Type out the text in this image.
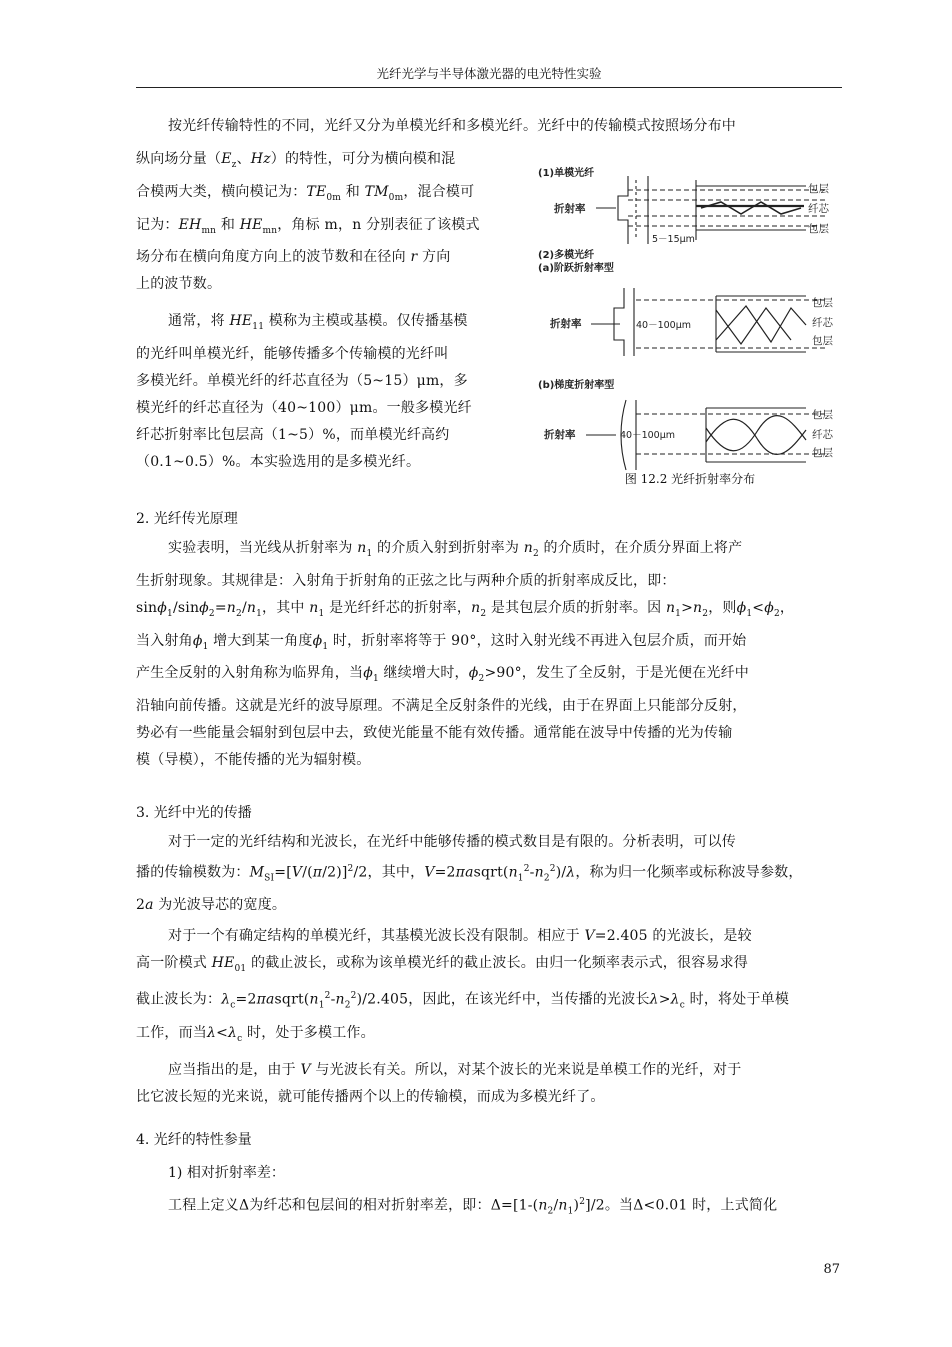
光纤光学与半导体激光器的电光特性实验
按光纤传输特性的不同，光纤又分为单模光纤和多模光纤。光纤中的传输模式按照场分布中
纵向场分量（$E_z$、Hz）的特性，可分为横向模和混
合模两大类，横向模记为：$TE_{0m}$ 和 $TM_{0m}$，混合模可
记为：$EH_{mn}$ 和 $HE_{mn}$，角标 m，n 分别表征了该模式
场分布在横向角度方向上的波节数和在径向 r 方向
上的波节数。
通常，将 $HE_{11}$ 模称为主模或基模。仅传播基模
的光纤叫单模光纤，能够传播多个传输模的光纤叫
多模光纤。单模光纤的纤芯直径为（5~15）μm，多
模光纤的纤芯直径为（40~100）μm。一般多模光纤
纤芯折射率比包层高（1~5）%，而单模光纤高约
（0.1~0.5）%。本实验选用的是多模光纤。
(1)单模光纤
折射率
包层
纤芯
包层
5－15μm
(2)多模光纤
(a)阶跃折射率型
折射率
包层
纤芯
包层
40－100μm
(b)梯度折射率型
折射率
包层
纤芯
包层
40－100μm
图 12.2 光纤折射率分布
2. 光纤传光原理
实验表明，当光线从折射率为 $n_1$ 的介质入射到折射率为 $n_2$ 的介质时，在介质分界面上将产
生折射现象。其规律是：入射角于折射角的正弦之比与两种介质的折射率成反比，即：
$\sin\phi_1/\sin\phi_2=n_2/n_1$，其中 $n_1$ 是光纤纤芯的折射率，$n_2$ 是其包层介质的折射率。因 $n_1>n_2$，则$\phi_1<\phi_2$，
当入射角$\phi_1$ 增大到某一角度$\phi_1$ 时，折射率将等于 90°，这时入射光线不再进入包层介质，而开始
产生全反射的入射角称为临界角，当$\phi_1$ 继续增大时，$\phi_2>90^\circ$，发生了全反射，于是光便在光纤中
沿轴向前传播。这就是光纤的波导原理。不满足全反射条件的光线，由于在界面上只能部分反射，
势必有一些能量会辐射到包层中去，致使光能量不能有效传播。通常能在波导中传播的光为传输
模（导模），不能传播的光为辐射模。
3. 光纤中光的传播
对于一定的光纤结构和光波长，在光纤中能够传播的模式数目是有限的。分析表明，可以传
播的传输模数为：$M_{SI}=[V/(\pi/2)]^2/2$，其中，$V=2\pi asqrt(n_1^2-n_2^2)/\lambda$，称为归一化频率或标称波导参数，
2a 为光波导芯的宽度。
对于一个有确定结构的单模光纤，其基模光波长没有限制。相应于 V=2.405 的光波长，是较
高一阶模式 $HE_{01}$ 的截止波长，或称为该单模光纤的截止波长。由归一化频率表示式，很容易求得
截止波长为：$\lambda_c=2\pi asqrt(n_1^2-n_2^2)/2.405$，因此，在该光纤中，当传播的光波长$\lambda>\lambda_c$ 时，将处于单模
工作，而当$\lambda<\lambda_c$ 时，处于多模工作。
应当指出的是，由于 V 与光波长有关。所以，对某个波长的光来说是单模工作的光纤，对于
比它波长短的光来说，就可能传播两个以上的传输模，而成为多模光纤了。
4. 光纤的特性参量
1) 相对折射率差：
工程上定义Δ为纤芯和包层间的相对折射率差，即：$\Delta=[1-(n_2/n_1)^2]/2$。当Δ<0.01 时，上式简化
87
